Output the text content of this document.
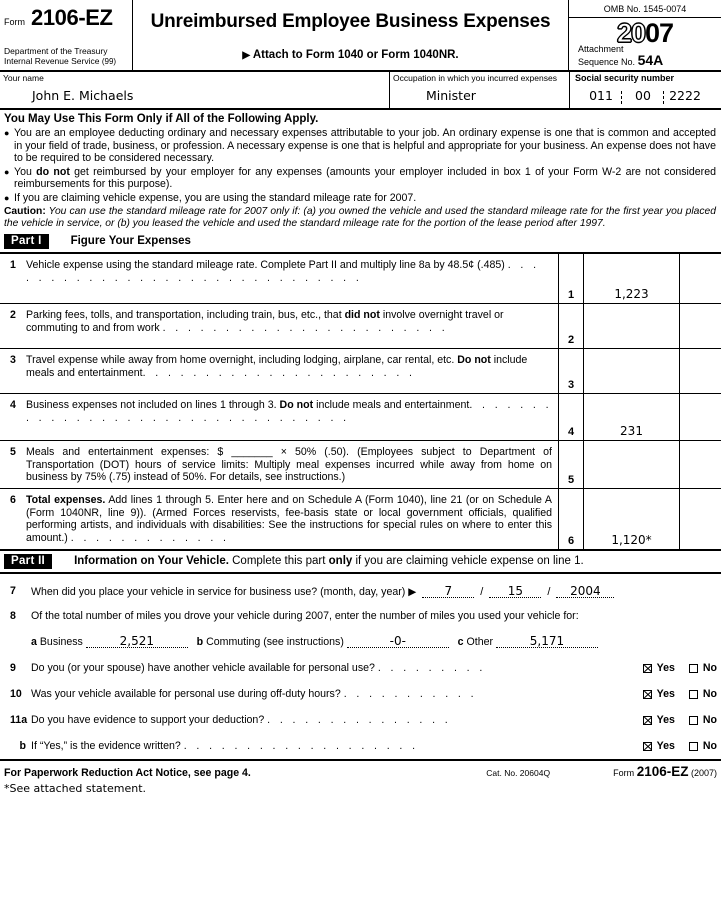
Form 2106-EZ
Department of the Treasury
Internal Revenue Service (99)
Unreimbursed Employee Business Expenses
▶ Attach to Form 1040 or Form 1040NR.
OMB No. 1545-0074
2007
Attachment
Sequence No. 54A
Your name
John E. Michaels
Occupation in which you incurred expenses
Minister
Social security number
011	00	2222
You May Use This Form Only if All of the Following Apply.
● You are an employee deducting ordinary and necessary expenses attributable to your job. An ordinary expense is one that is common and accepted in your field of trade, business, or profession. A necessary expense is one that is helpful and appropriate for your business. An expense does not have to be required to be considered necessary.
● You do not get reimbursed by your employer for any expenses (amounts your employer included in box 1 of your Form W-2 are not considered reimbursements for this purpose).
● If you are claiming vehicle expense, you are using the standard mileage rate for 2007.
Caution: You can use the standard mileage rate for 2007 only if: (a) you owned the vehicle and used the standard mileage rate for the first year you placed the vehicle in service, or (b) you leased the vehicle and used the standard mileage rate for the portion of the lease period after 1997.
Part I	Figure Your Expenses
1 Vehicle expense using the standard mileage rate. Complete Part II and multiply line 8a by 48.5¢ (.485) . . . . . . . . . . . . . . . . . . . . . . . . . . . . . .
1	1,223
2 Parking fees, tolls, and transportation, including train, bus, etc., that did not involve overnight travel or commuting to and from work . . . . . . . . . . . . . . . . . . . . . . .
2
3 Travel expense while away from home overnight, including lodging, airplane, car rental, etc. Do not include meals and entertainment. . . . . . . . . . . . . . . . . . . . . .
3
4 Business expenses not included on lines 1 through 3. Do not include meals and entertainment. . . . . . . . . . . . . . . . . . . . . . . . . . . . . . . . .
4	231
5 Meals and entertainment expenses: $ _______ × 50% (.50). (Employees subject to Department of Transportation (DOT) hours of service limits: Multiply meal expenses incurred while away from home on business by 75% (.75) instead of 50%. For details, see instructions.)	5
6 Total expenses. Add lines 1 through 5. Enter here and on Schedule A (Form 1040), line 21 (or on Schedule A (Form 1040NR, line 9)). (Armed Forces reservists, fee-basis state or local government officials, qualified performing artists, and individuals with disabilities: See the instructions for special rules on where to enter this amount.) . . . . . . . . . . . . .	6	1,120*
Part II	Information on Your Vehicle. Complete this part only if you are claiming vehicle expense on line 1.
7	When did you place your vehicle in service for business use? (month, day, year) ▶ 7	/ 15 / 2004
8	Of the total number of miles you drove your vehicle during 2007, enter the number of miles you used your vehicle for:
a Business	2,521	b Commuting (see instructions)	-0-	c Other	5,171
9	Do you (or your spouse) have another vehicle available for personal use? . . . . . . . . .	Yes	No
10 Was your vehicle available for personal use during off-duty hours? . . . . . . . . . . .	Yes	No
11a Do you have evidence to support your deduction? . . . . . . . . . . . . . . .	Yes	No
b If “Yes,” is the evidence written? . . . . . . . . . . . . . . . . . . .	Yes	No
For Paperwork Reduction Act Notice, see page 4.	Cat. No. 20604Q	Form 2106-EZ (2007)
*See attached statement.
